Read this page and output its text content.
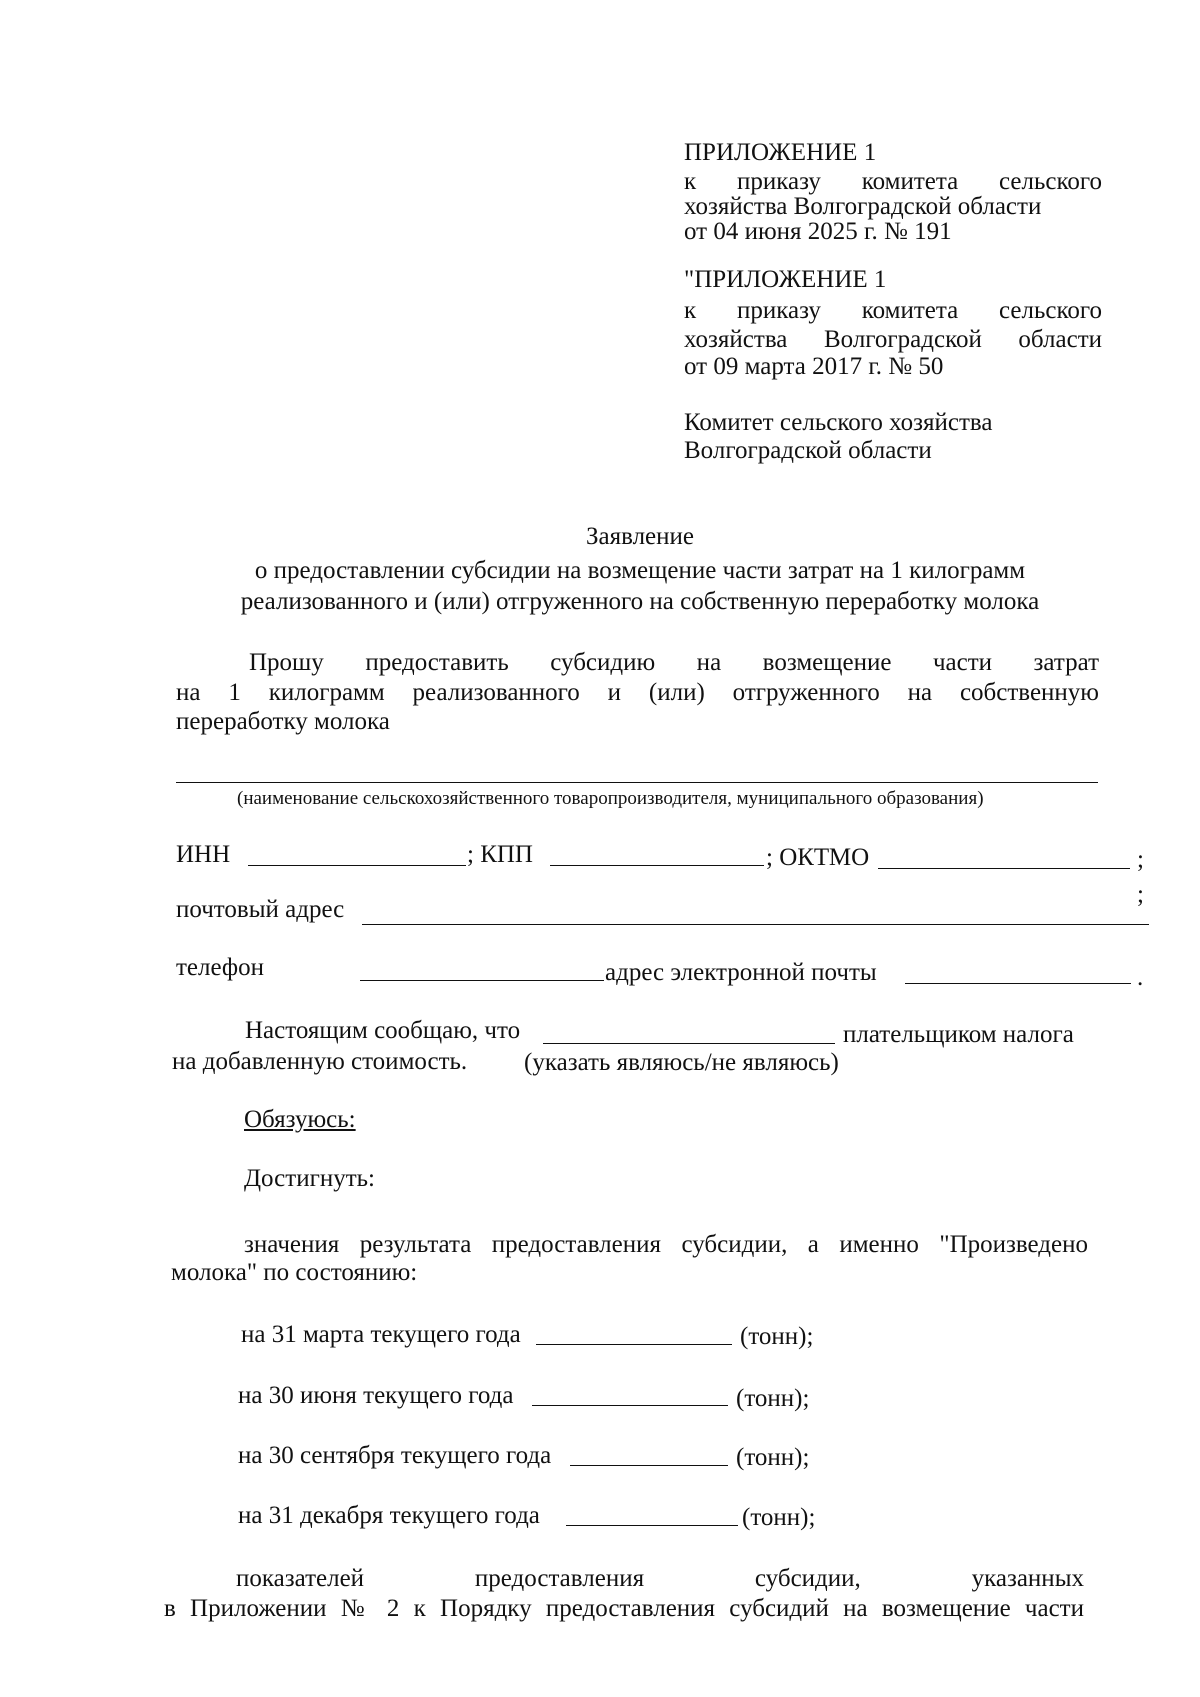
ПРИЛОЖЕНИЕ 1
к приказу комитета сельского
хозяйства Волгоградской области
от 04 июня 2025 г. № 191
"ПРИЛОЖЕНИЕ 1
к приказу комитета сельского
хозяйства Волгоградской области
от 09 марта 2017 г. № 50
Комитет сельского хозяйства
Волгоградской области
Заявление
о предоставлении субсидии на возмещение части затрат на 1 килограмм
реализованного и (или) отгруженного на собственную переработку молока
Прошу предоставить субсидию на возмещение части затрат
на 1 килограмм реализованного и (или) отгруженного на собственную
переработку молока
(наименование сельскохозяйственного товаропроизводителя, муниципального образования)
ИНН	; КПП	; ОКТМО	;
;
почтовый адрес
телефон	адрес электронной почты	.
Настоящим сообщаю, что	плательщиком налога
на добавленную стоимость. (указать являюсь/не являюсь)
Обязуюсь:
Достигнуть:
значения результата предоставления субсидии, а именно "Произведено
молока" по состоянию:
на 31 марта текущего года	(тонн);
на 30 июня текущего года	(тонн);
на 30 сентября текущего года	(тонн);
на 31 декабря текущего года	(тонн);
показателей предоставления субсидии, указанных
в Приложении № 2 к Порядку предоставления субсидий на возмещение части
